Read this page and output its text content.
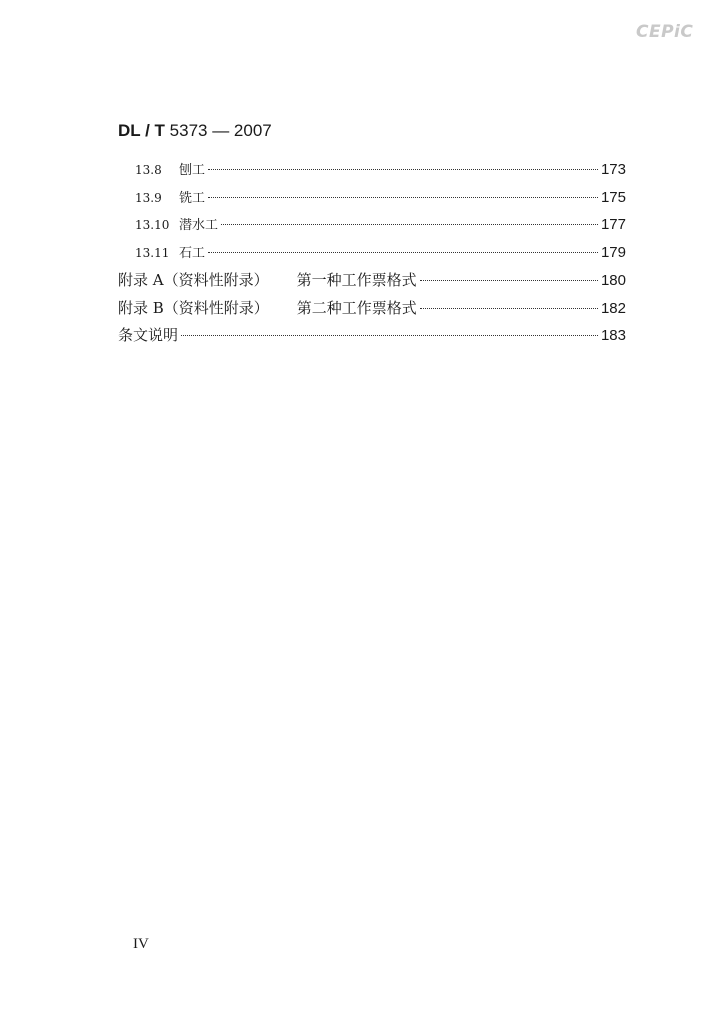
CEPiC
DL / T 5373 — 2007
13.8	刨工	173
13.9	铣工	175
13.10 潜水工	177
13.11 石工	179
附录 A（资料性附录） 第一种工作票格式	180
附录 B（资料性附录） 第二种工作票格式	182
条文说明	183
IV
